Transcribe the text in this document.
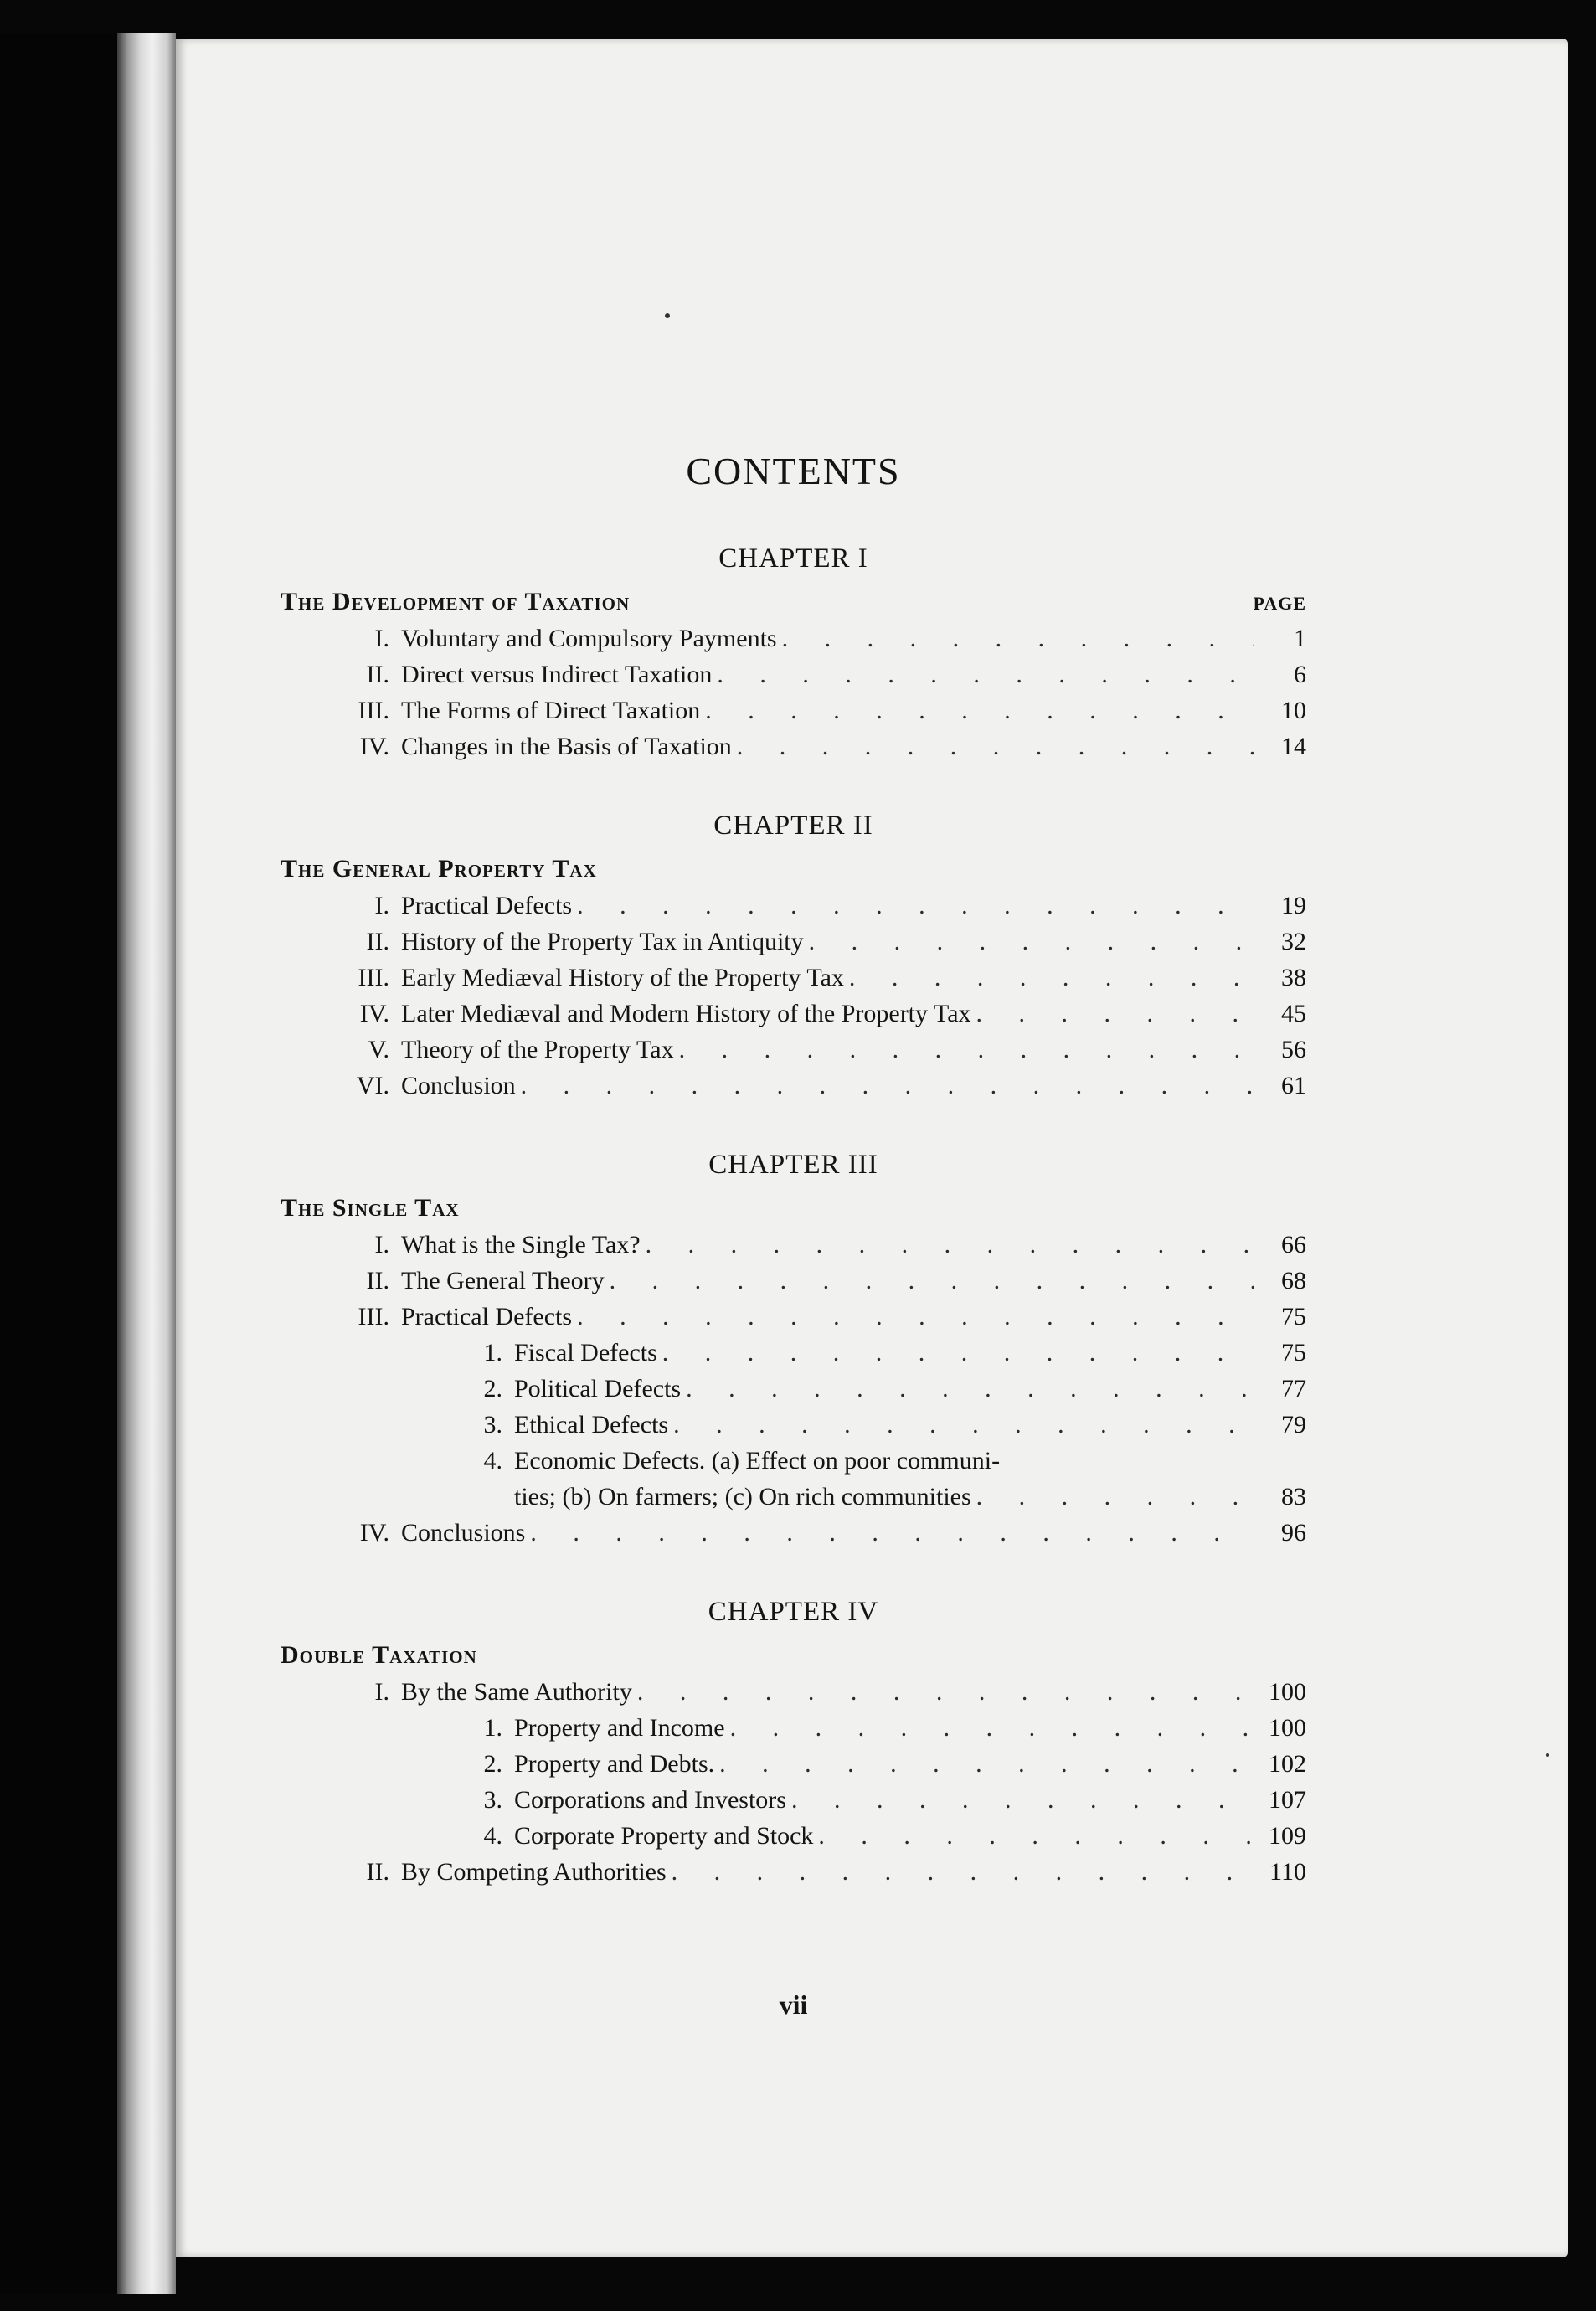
CONTENTS
CHAPTER I
The Development of Taxation	PAGE
I. Voluntary and Compulsory Payments . . .	1
II. Direct versus Indirect Taxation . . .	6
III. The Forms of Direct Taxation . . .	10
IV. Changes in the Basis of Taxation . . .	14
CHAPTER II
The General Property Tax
I. Practical Defects . . .	19
II. History of the Property Tax in Antiquity . . .	32
III. Early Mediæval History of the Property Tax . . .	38
IV. Later Mediæval and Modern History of the Property Tax . . .	45
V. Theory of the Property Tax . . .	56
VI. Conclusion . . .	61
CHAPTER III
The Single Tax
I. What is the Single Tax? . . .	66
II. The General Theory . . .	68
III. Practical Defects . . .	75
1. Fiscal Defects . . .	75
2. Political Defects . . .	77
3. Ethical Defects . . .	79
4. Economic Defects. (a) Effect on poor communi-
ties; (b) On farmers; (c) On rich communities . . .	83
IV. Conclusions . . .	96
CHAPTER IV
Double Taxation
I. By the Same Authority . . .	100
1. Property and Income . . .	100
2. Property and Debts. . . .	102
3. Corporations and Investors . . .	107
4. Corporate Property and Stock . . .	109
II. By Competing Authorities . . .	110
vii
